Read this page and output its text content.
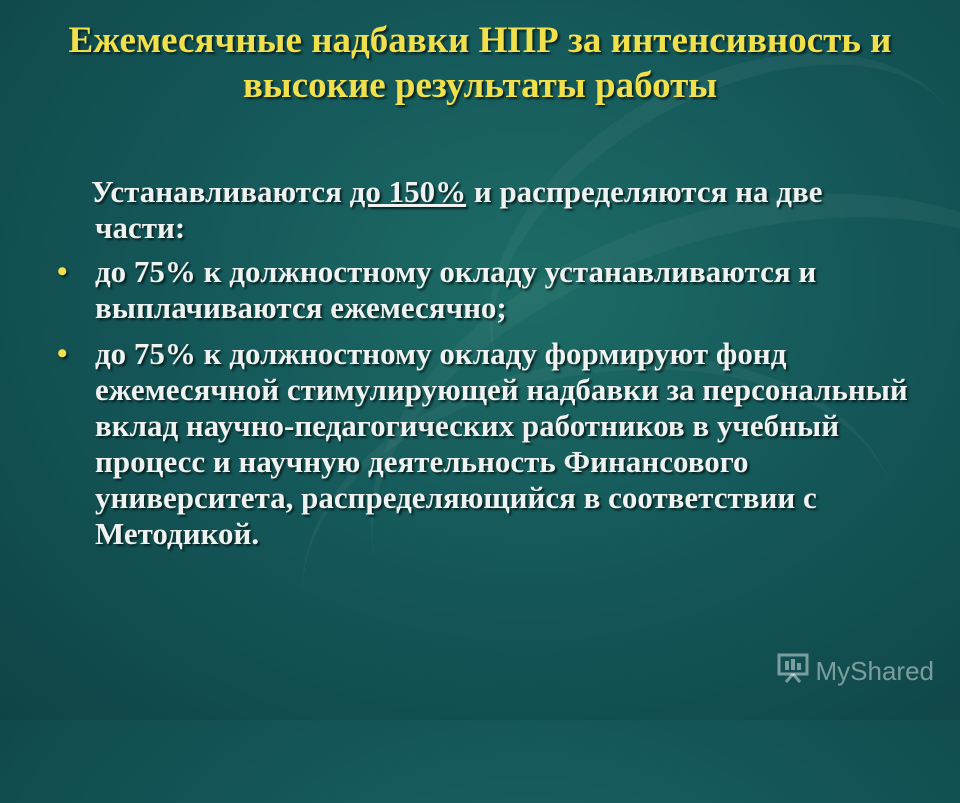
Ежемесячные надбавки НПР за интенсивность и высокие результаты работы

Устанавливаются до 150% и распределяются на две части:

• до 75% к должностному окладу устанавливаются и выплачиваются ежемесячно;
• до 75% к должностному окладу формируют фонд ежемесячной стимулирующей надбавки за персональный вклад научно-педагогических работников в учебный процесс и научную деятельность Финансового университета, распределяющийся в соответствии с Методикой.
MyShared
